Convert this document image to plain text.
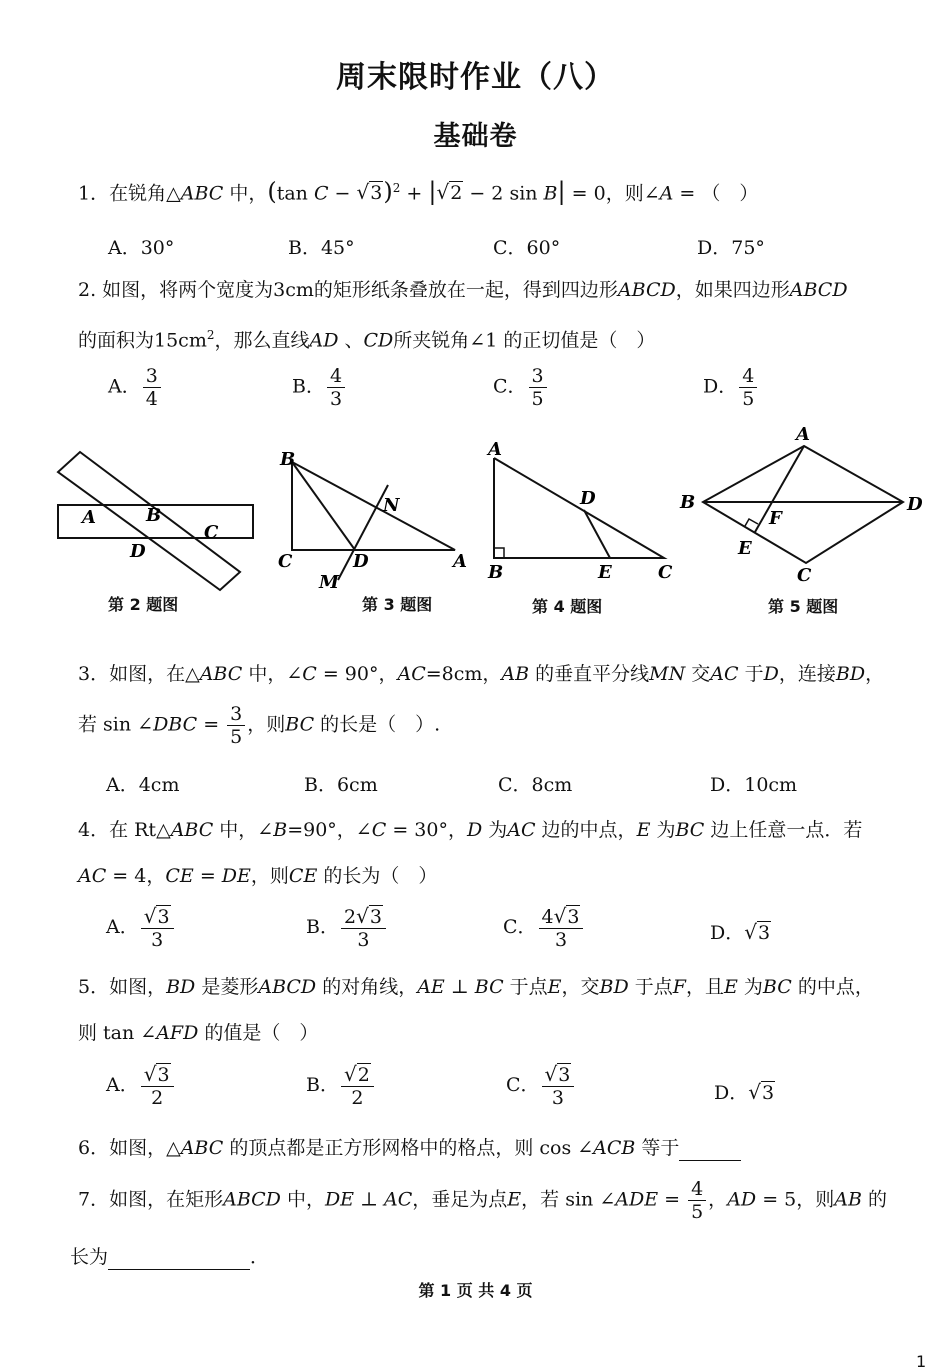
周末限时作业（八）
基础卷
1．在锐角△ABC 中，(tan C − √3)$^2$ + |√2 − 2 sin B| = 0，则∠A = （　）
A．30°	B．45°	C．60°	D．75°
2. 如图，将两个宽度为3cm的矩形纸条叠放在一起，得到四边形ABCD，如果四边形ABCD
的面积为$15cm^2$，那么直线AD 、CD所夹锐角∠1 的正切值是（　）
A． $\frac{3}{4}$	B． $\frac{4}{3}$	C． $\frac{3}{5}$	D． $\frac{4}{5}$
A	B
C
D
B
N
C	D	A
M
A
D
B	E	C
A
B
F
D
E
C
第 2 题图	第 3 题图	第 4 题图	第 5 题图
3．如图，在△ABC 中，∠C = 90°，AC=8cm，AB 的垂直平分线MN 交AC 于D，连接BD，
若 sin ∠DBC = $\frac{3}{5}$ ，则BC 的长是（　）.
A．4cm	B．6cm	C．8cm	D．10cm
4．在 Rt△ABC 中，∠B=90°，∠C = 30°，D 为AC 边的中点，E 为BC 边上任意一点．若
AC = 4，CE = DE，则CE 的长为（　）
A． $\frac{√3}{3}$	B． $\frac{2√3}{3}$	C． $\frac{4√3}{3}$	D．√3
5．如图，BD 是菱形ABCD 的对角线，AE ⊥ BC 于点E，交BD 于点F，且E 为BC 的中点，
则 tan ∠AFD 的值是（　）
A． $\frac{√3}{2}$	B． $\frac{√2}{2}$	C． $\frac{√3}{3}$	D．√3
6．如图，△ABC 的顶点都是正方形网格中的格点，则 cos ∠ACB 等于
7．如图，在矩形ABCD 中，DE ⊥ AC，垂足为点E，若 sin ∠ADE = $\frac{4}{5}$ ，AD = 5，则AB 的
长为	．
第 1 页 共 4 页
1
